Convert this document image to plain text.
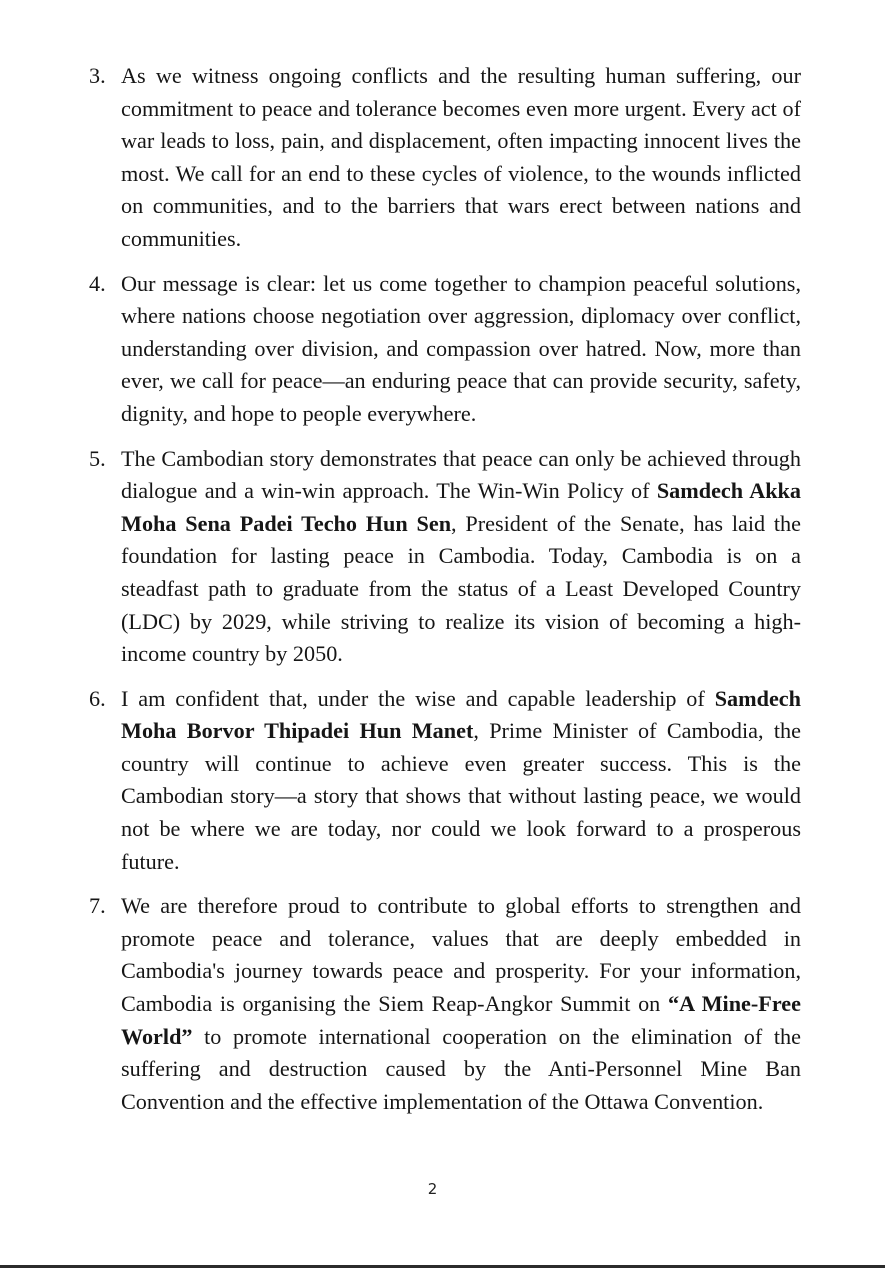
3. As we witness ongoing conflicts and the resulting human suffering, our commitment to peace and tolerance becomes even more urgent. Every act of war leads to loss, pain, and displacement, often impacting innocent lives the most. We call for an end to these cycles of violence, to the wounds inflicted on communities, and to the barriers that wars erect between nations and communities.
4. Our message is clear: let us come together to champion peaceful solutions, where nations choose negotiation over aggression, diplomacy over conflict, understanding over division, and compassion over hatred. Now, more than ever, we call for peace—an enduring peace that can provide security, safety, dignity, and hope to people everywhere.
5. The Cambodian story demonstrates that peace can only be achieved through dialogue and a win-win approach. The Win-Win Policy of Samdech Akka Moha Sena Padei Techo Hun Sen, President of the Senate, has laid the foundation for lasting peace in Cambodia. Today, Cambodia is on a steadfast path to graduate from the status of a Least Developed Country (LDC) by 2029, while striving to realize its vision of becoming a high-income country by 2050.
6. I am confident that, under the wise and capable leadership of Samdech Moha Borvor Thipadei Hun Manet, Prime Minister of Cambodia, the country will continue to achieve even greater success. This is the Cambodian story—a story that shows that without lasting peace, we would not be where we are today, nor could we look forward to a prosperous future.
7. We are therefore proud to contribute to global efforts to strengthen and promote peace and tolerance, values that are deeply embedded in Cambodia's journey towards peace and prosperity. For your information, Cambodia is organising the Siem Reap-Angkor Summit on “A Mine-Free World” to promote international cooperation on the elimination of the suffering and destruction caused by the Anti-Personnel Mine Ban Convention and the effective implementation of the Ottawa Convention.
2
